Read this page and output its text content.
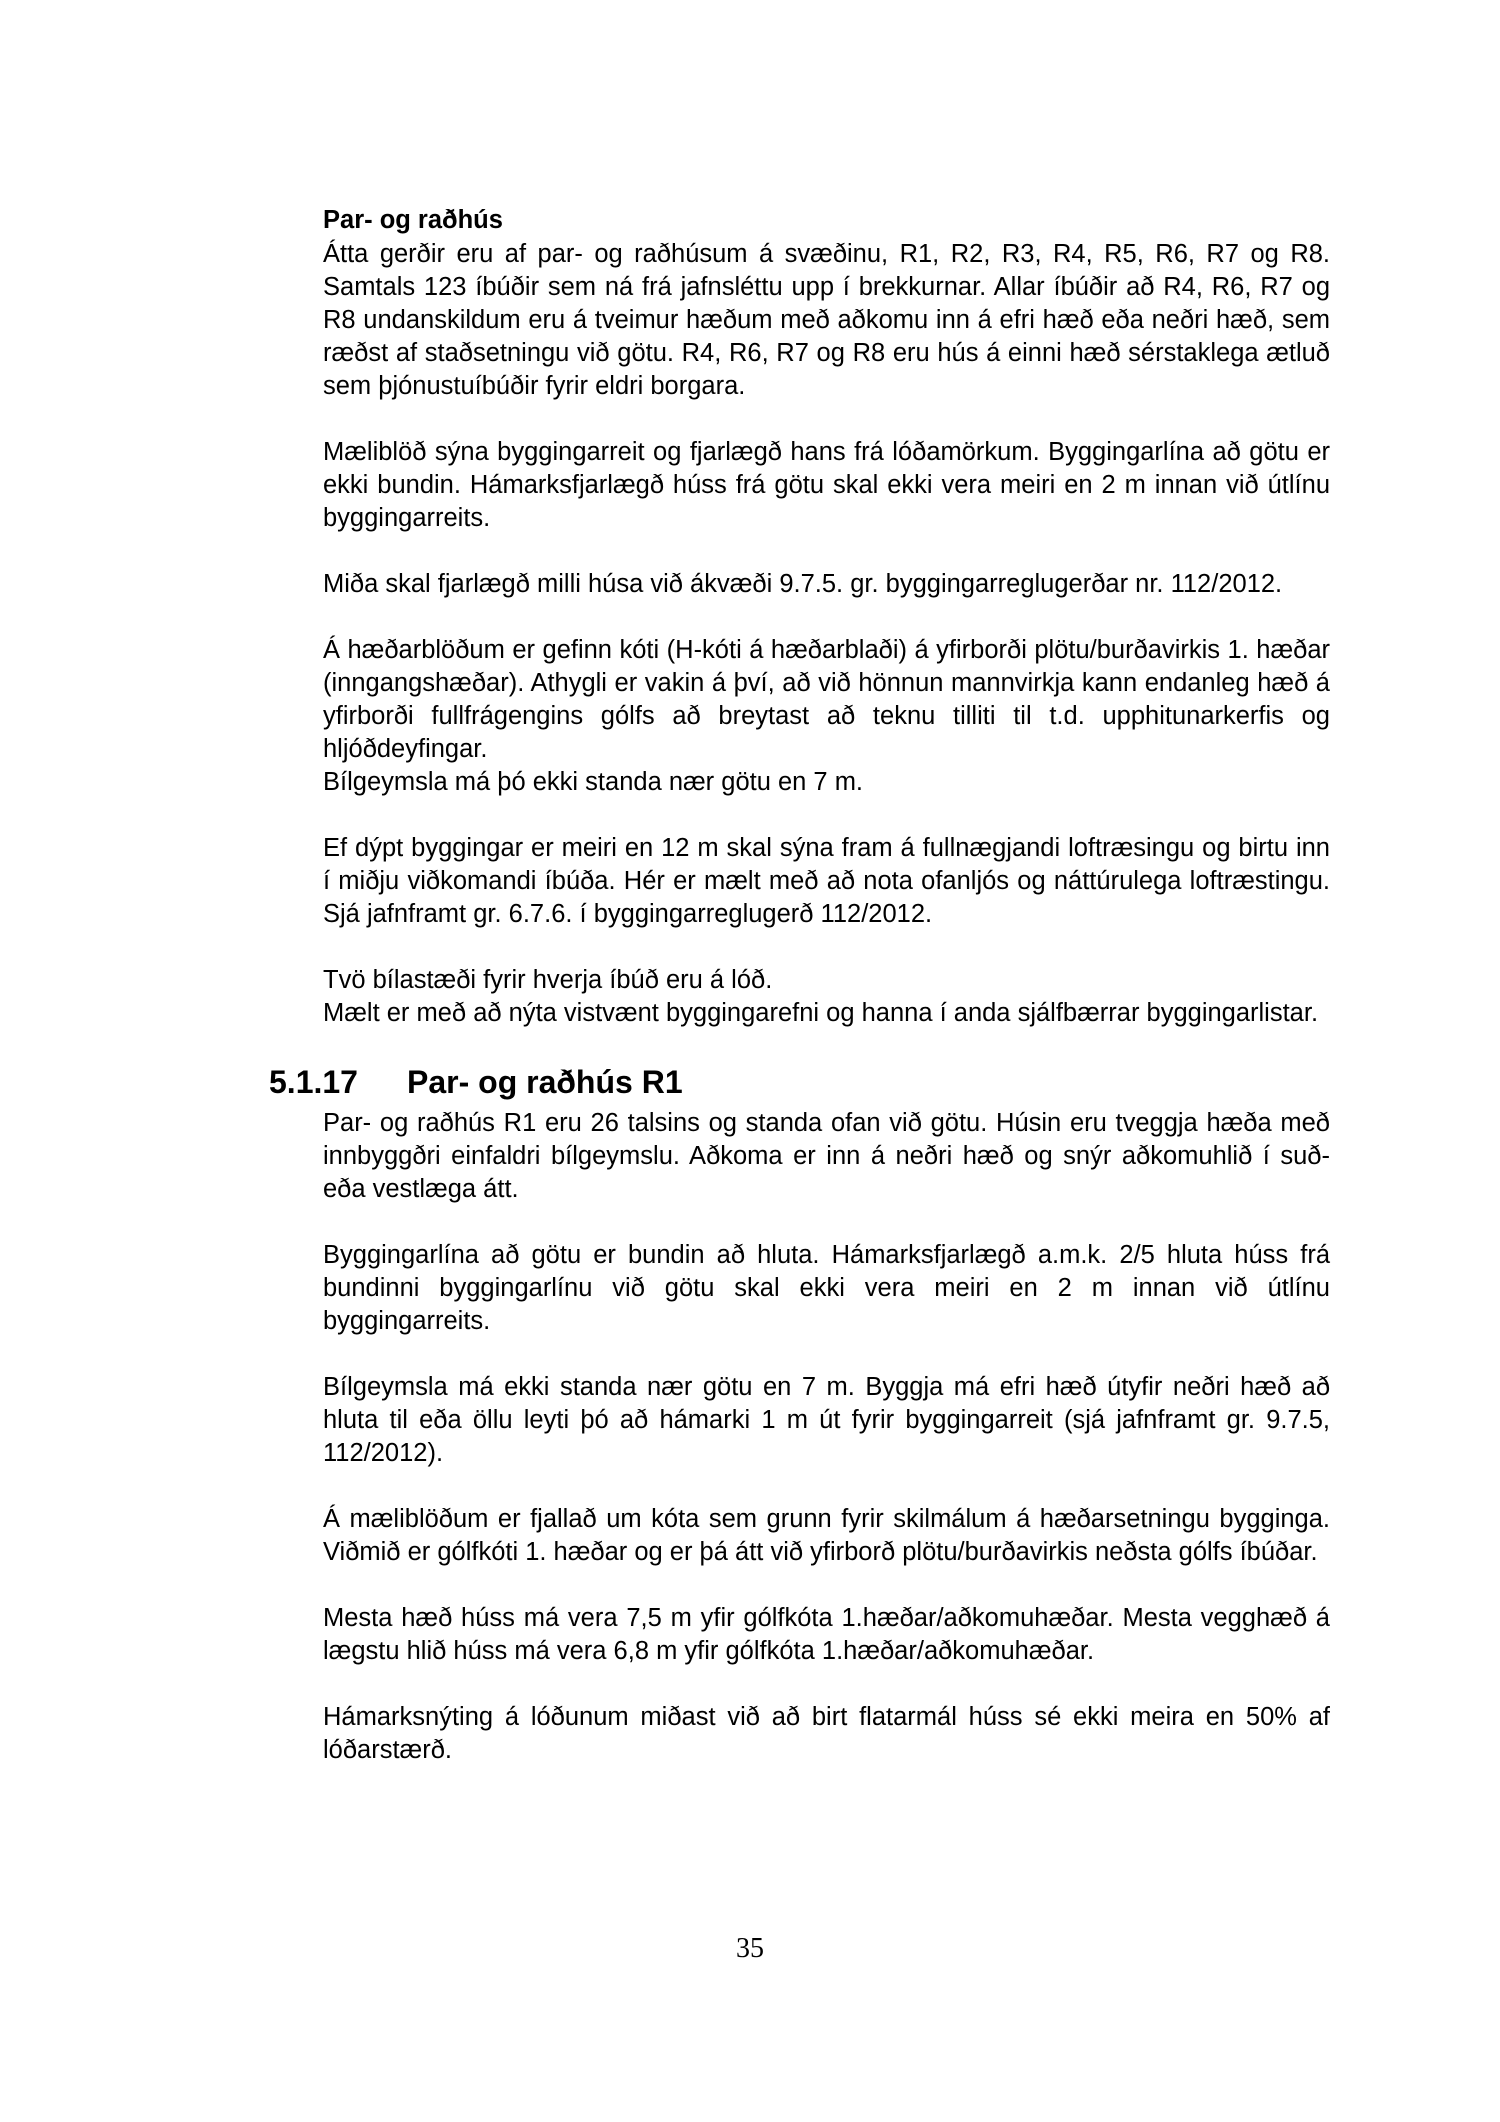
Par- og raðhús

Átta gerðir eru af par- og raðhúsum á svæðinu, R1, R2, R3, R4, R5, R6, R7 og R8. Samtals 123 íbúðir sem ná frá jafnsléttu upp í brekkurnar. Allar íbúðir að R4, R6, R7 og R8 undanskildum eru á tveimur hæðum með aðkomu inn á efri hæð eða neðri hæð, sem ræðst af staðsetningu við götu. R4, R6, R7 og R8 eru hús á einni hæð sérstaklega ætluð sem þjónustuíbúðir fyrir eldri borgara.

Mæliblöð sýna byggingarreit og fjarlægð hans frá lóðamörkum. Byggingarlína að götu er ekki bundin. Hámarksfjarlægð húss frá götu skal ekki vera meiri en 2 m innan við útlínu byggingarreits.

Miða skal fjarlægð milli húsa við ákvæði 9.7.5. gr. byggingarreglugerðar nr. 112/2012.

Á hæðarblöðum er gefinn kóti (H-kóti á hæðarblaði) á yfirborði plötu/burðavirkis 1. hæðar (inngangshæðar). Athygli er vakin á því, að við hönnun mannvirkja kann endanleg hæð á yfirborði fullfrágengins gólfs að breytast að teknu tilliti til t.d. upphitunarkerfis og hljóðdeyfingar.

Bílgeymsla má þó ekki standa nær götu en 7 m.

Ef dýpt byggingar er meiri en 12 m skal sýna fram á fullnægjandi loftræsingu og birtu inn í miðju viðkomandi íbúða. Hér er mælt með að nota ofanljós og náttúrulega loftræstingu. Sjá jafnframt gr. 6.7.6. í byggingarreglugerð 112/2012.

Tvö bílastæði fyrir hverja íbúð eru á lóð.

Mælt er með að nýta vistvænt byggingarefni og hanna í anda sjálfbærrar byggingarlistar.

5.1.17 Par- og raðhús R1

Par- og raðhús R1 eru 26 talsins og standa ofan við götu. Húsin eru tveggja hæða með innbyggðri einfaldri bílgeymslu. Aðkoma er inn á neðri hæð og snýr aðkomuhlið í suð- eða vestlæga átt.

Byggingarlína að götu er bundin að hluta. Hámarksfjarlægð a.m.k. 2/5 hluta húss frá bundinni byggingarlínu við götu skal ekki vera meiri en 2 m innan við útlínu byggingarreits.

Bílgeymsla má ekki standa nær götu en 7 m. Byggja má efri hæð útyfir neðri hæð að hluta til eða öllu leyti þó að hámarki 1 m út fyrir byggingarreit (sjá jafnframt gr. 9.7.5, 112/2012).

Á mæliblöðum er fjallað um kóta sem grunn fyrir skilmálum á hæðarsetningu bygginga. Viðmið er gólfkóti 1. hæðar og er þá átt við yfirborð plötu/burðavirkis neðsta gólfs íbúðar.

Mesta hæð húss má vera 7,5 m yfir gólfkóta 1.hæðar/aðkomuhæðar. Mesta vegghæð á lægstu hlið húss má vera 6,8 m yfir gólfkóta 1.hæðar/aðkomuhæðar.

Hámarksnýting á lóðunum miðast við að birt flatarmál húss sé ekki meira en 50% af lóðarstærð.

35
